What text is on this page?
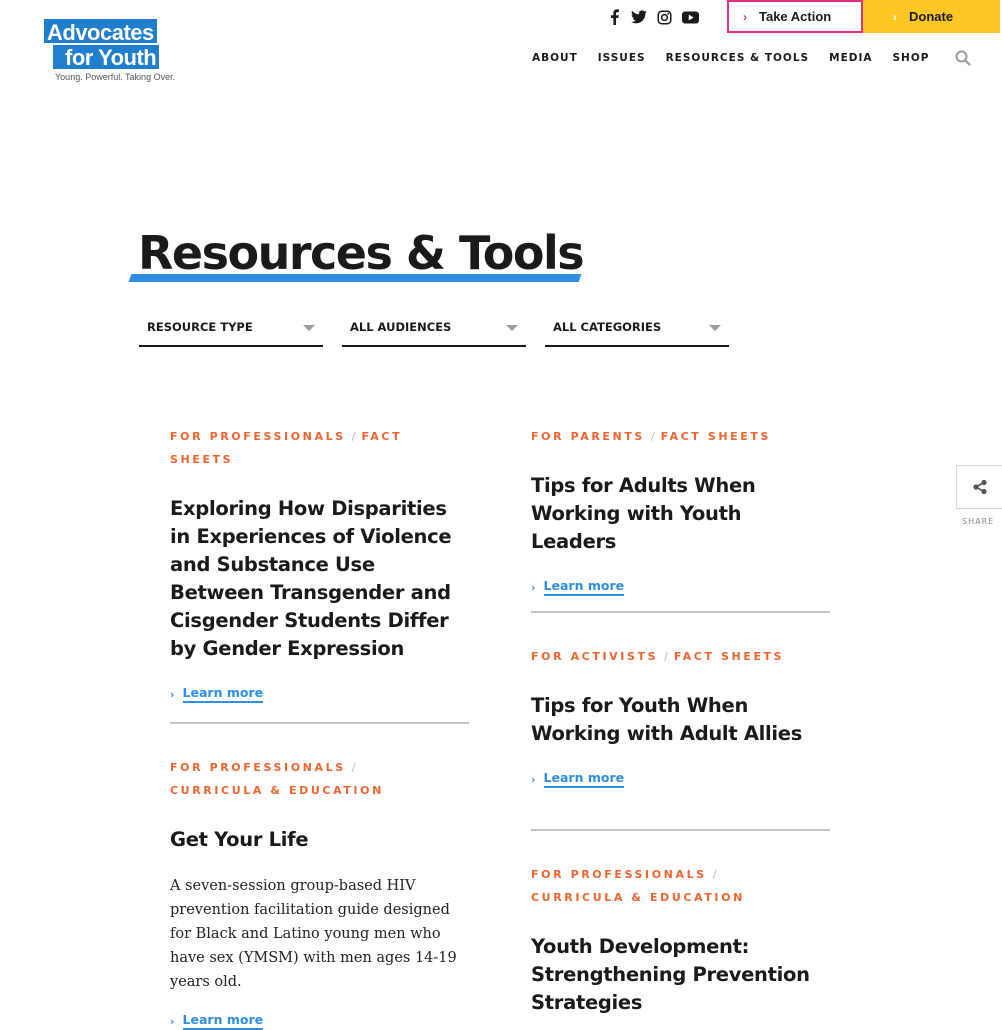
Advocates
for Youth
Young. Powerful. Taking Over.
› Take Action	› Donate
ABOUT ISSUES RESOURCES & TOOLS MEDIA SHOP
Resources & Tools
RESOURCE TYPE	ALL AUDIENCES	ALL CATEGORIES
FOR PROFESSIONALS / FACT SHEETS
Exploring How Disparities in Experiences of Violence and Substance Use Between Transgender and Cisgender Students Differ by Gender Expression
› Learn more
FOR PROFESSIONALS /
CURRICULA & EDUCATION
Get Your Life
A seven-session group-based HIV prevention facilitation guide designed for Black and Latino young men who have sex (YMSM) with men ages 14-19 years old.
› Learn more
FOR PARENTS / FACT SHEETS
Tips for Adults When Working with Youth Leaders
› Learn more
FOR ACTIVISTS / FACT SHEETS
Tips for Youth When Working with Adult Allies
› Learn more
FOR PROFESSIONALS /
CURRICULA & EDUCATION
Youth Development: Strengthening Prevention Strategies
SHARE
